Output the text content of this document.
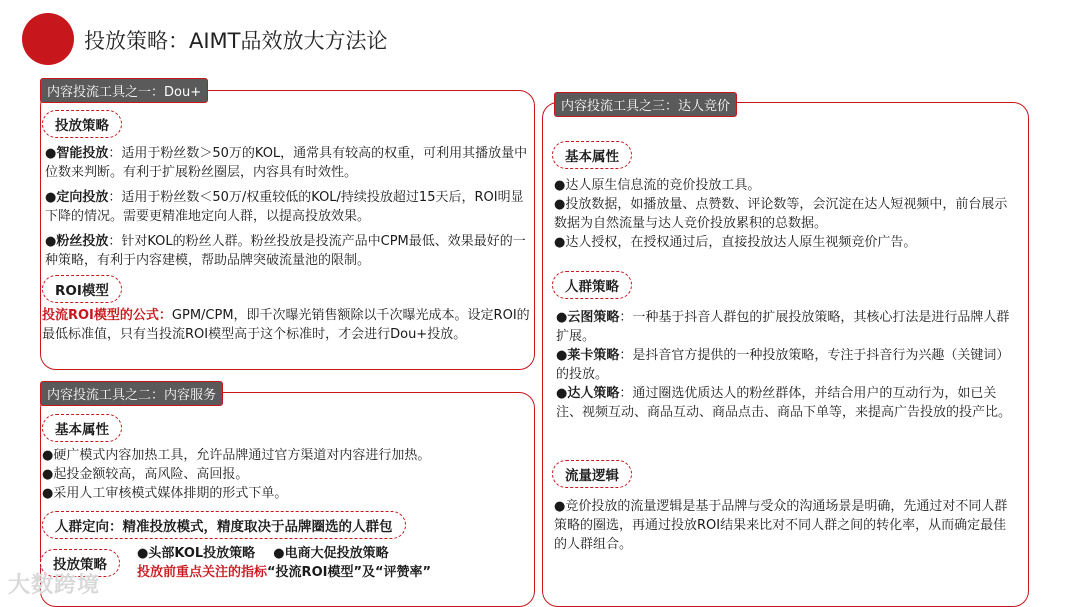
投放策略：AIMT品效放大方法论
内容投流工具之一：Dou+
投放策略
●智能投放：适用于粉丝数＞50万的KOL，通常具有较高的权重，可利用其播放量中位数来判断。有利于扩展粉丝圈层，内容具有时效性。
●定向投放：适用于粉丝数＜50万/权重较低的KOL/持续投放超过15天后，ROI明显下降的情况。需要更精准地定向人群，以提高投放效果。
●粉丝投放：针对KOL的粉丝人群。粉丝投放是投流产品中CPM最低、效果最好的一种策略，有利于内容建模，帮助品牌突破流量池的限制。
ROI模型
投流ROI模型的公式：GPM/CPM，即千次曝光销售额除以千次曝光成本。设定ROI的最低标准值，只有当投流ROI模型高于这个标准时，才会进行Dou+投放。
内容投流工具之二：内容服务
基本属性
●硬广模式内容加热工具，允许品牌通过官方渠道对内容进行加热。
●起投金额较高，高风险、高回报。
●采用人工审核模式媒体排期的形式下单。
人群定向：精准投放模式，精度取决于品牌圈选的人群包
投放策略
●头部KOL投放策略 ●电商大促投放策略
投放前重点关注的指标“投流ROI模型”及“评赞率”
内容投流工具之三：达人竞价
基本属性
●达人原生信息流的竞价投放工具。
●投放数据，如播放量、点赞数、评论数等，会沉淀在达人短视频中，前台展示数据为自然流量与达人竞价投放累积的总数据。
●达人授权，在授权通过后，直接投放达人原生视频竞价广告。
人群策略
●云图策略：一种基于抖音人群包的扩展投放策略，其核心打法是进行品牌人群扩展。
●莱卡策略：是抖音官方提供的一种投放策略，专注于抖音行为兴趣（关键词）的投放。
●达人策略：通过圈选优质达人的粉丝群体，并结合用户的互动行为，如已关注、视频互动、商品互动、商品点击、商品下单等，来提高广告投放的投产比。
流量逻辑
●竞价投放的流量逻辑是基于品牌与受众的沟通场景是明确，先通过对不同人群策略的圈选，再通过投放ROI结果来比对不同人群之间的转化率，从而确定最佳的人群组合。
大数跨境
